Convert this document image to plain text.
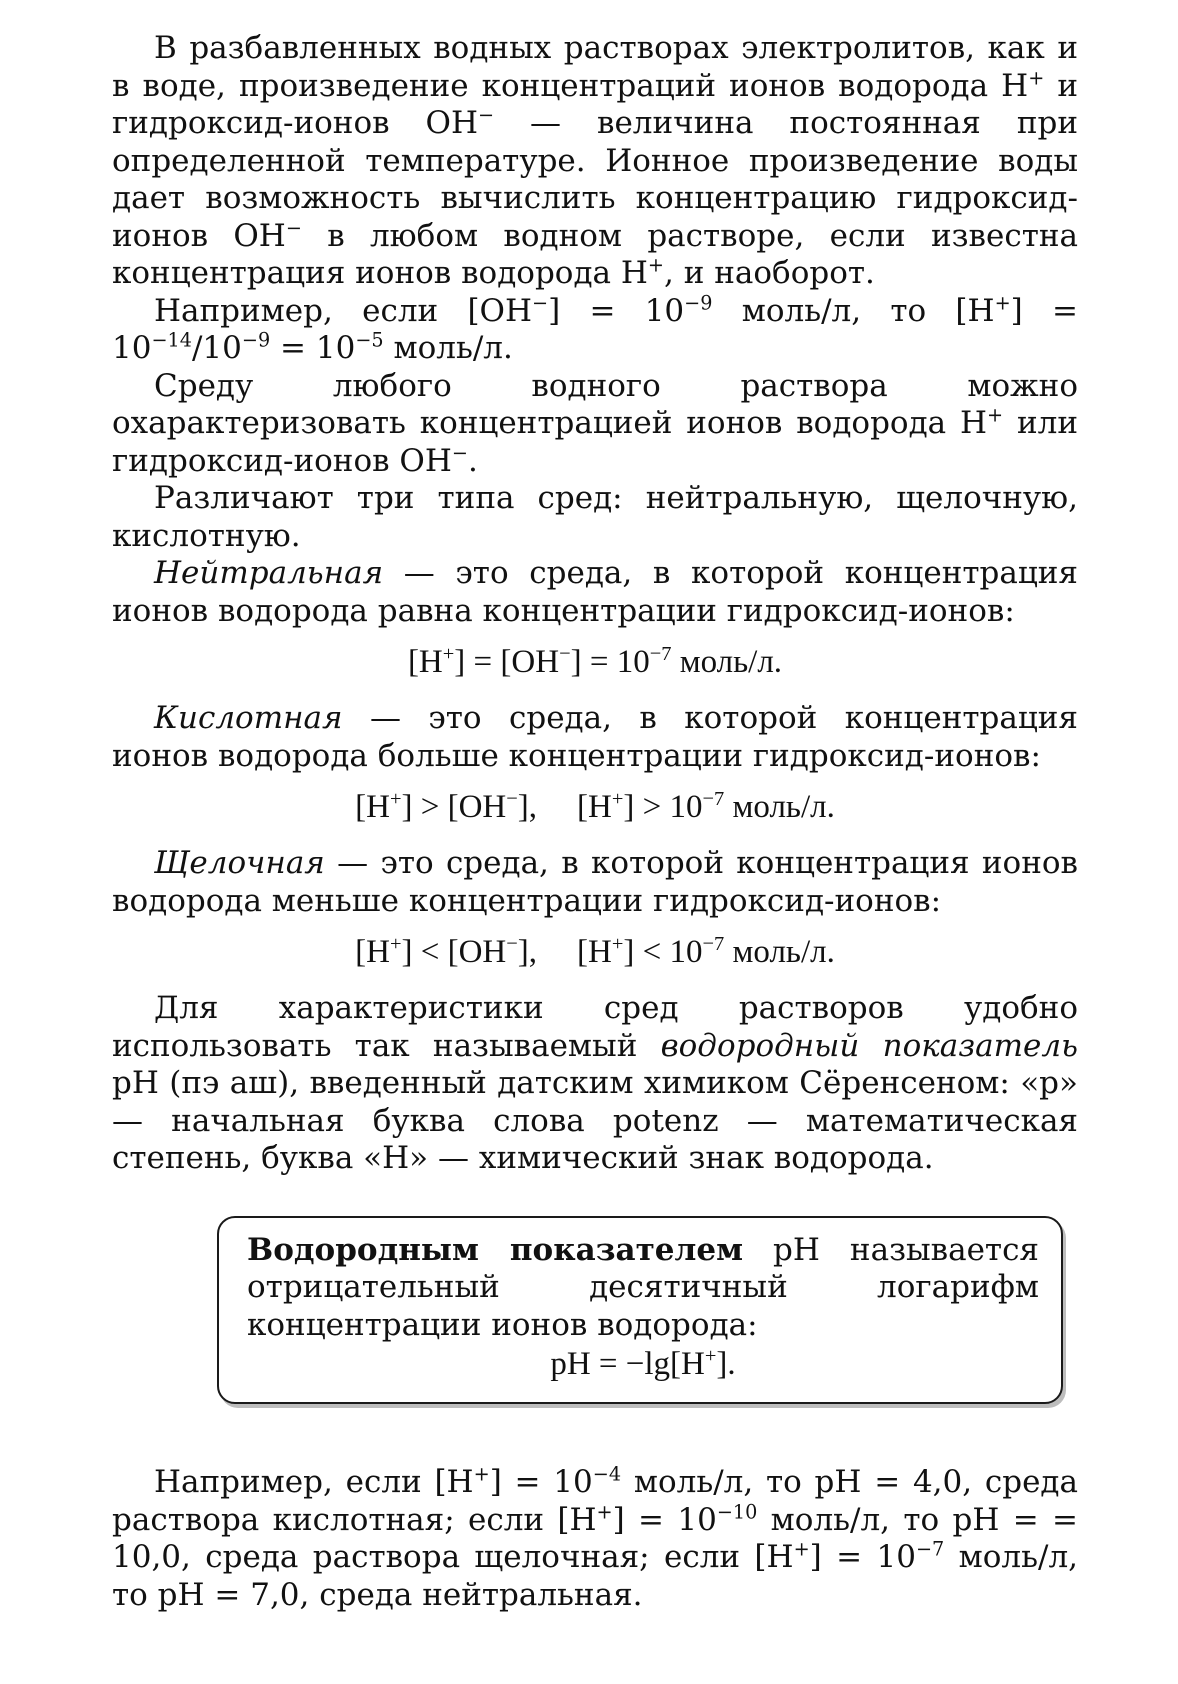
В разбавленных водных растворах электролитов, как и в воде, произведение концентраций ионов водорода Н+ и гидроксид-ионов ОН− — величина постоянная при определенной температуре. Ионное произведение воды дает возможность вычислить концентрацию гидроксид-ионов ОН− в любом водном растворе, если известна концентрация ионов водорода Н+, и наоборот.

Например, если $[ОН^-] = 10^{-9}$ моль/л, то $[Н^+] = 10^{-14}/10^{-9} = 10^{-5}$ моль/л.

Среду любого водного раствора можно охарактеризовать концентрацией ионов водорода Н+ или гидроксид-ионов ОН−.

Различают три типа сред: нейтральную, щелочную, кислотную.

Нейтральная — это среда, в которой концентрация ионов водорода равна концентрации гидроксид-ионов:

$[H^+] = [OH^-] = 10^{-7}$ моль/л.

Кислотная — это среда, в которой концентрация ионов водорода больше концентрации гидроксид-ионов:

[H+] > [OH−], $[H^+] > 10^{-7}$ моль/л.

Щелочная — это среда, в которой концентрация ионов водорода меньше концентрации гидроксид-ионов:

[H+] < [OH−], $[H^+] < 10^{-7}$ моль/л.

Для характеристики сред растворов удобно использовать так называемый водородный показатель рН (пэ аш), введенный датским химиком Сёренсеном: «р» — начальная буква слова potenz — математическая степень, буква «Н» — химический знак водорода.

Водородным показателем рН называется отрицательный десятичный логарифм концентрации ионов водорода:

pH = −lg[H+].

Например, если $[Н^+] = 10^{-4}$ моль/л, то рН = 4,0, среда раствора кислотная; если $[Н^+] = 10^{-10}$ моль/л, то рН = = 10,0, среда раствора щелочная; если $[Н^+] = 10^{-7}$ моль/л, то рН = 7,0, среда нейтральная.
